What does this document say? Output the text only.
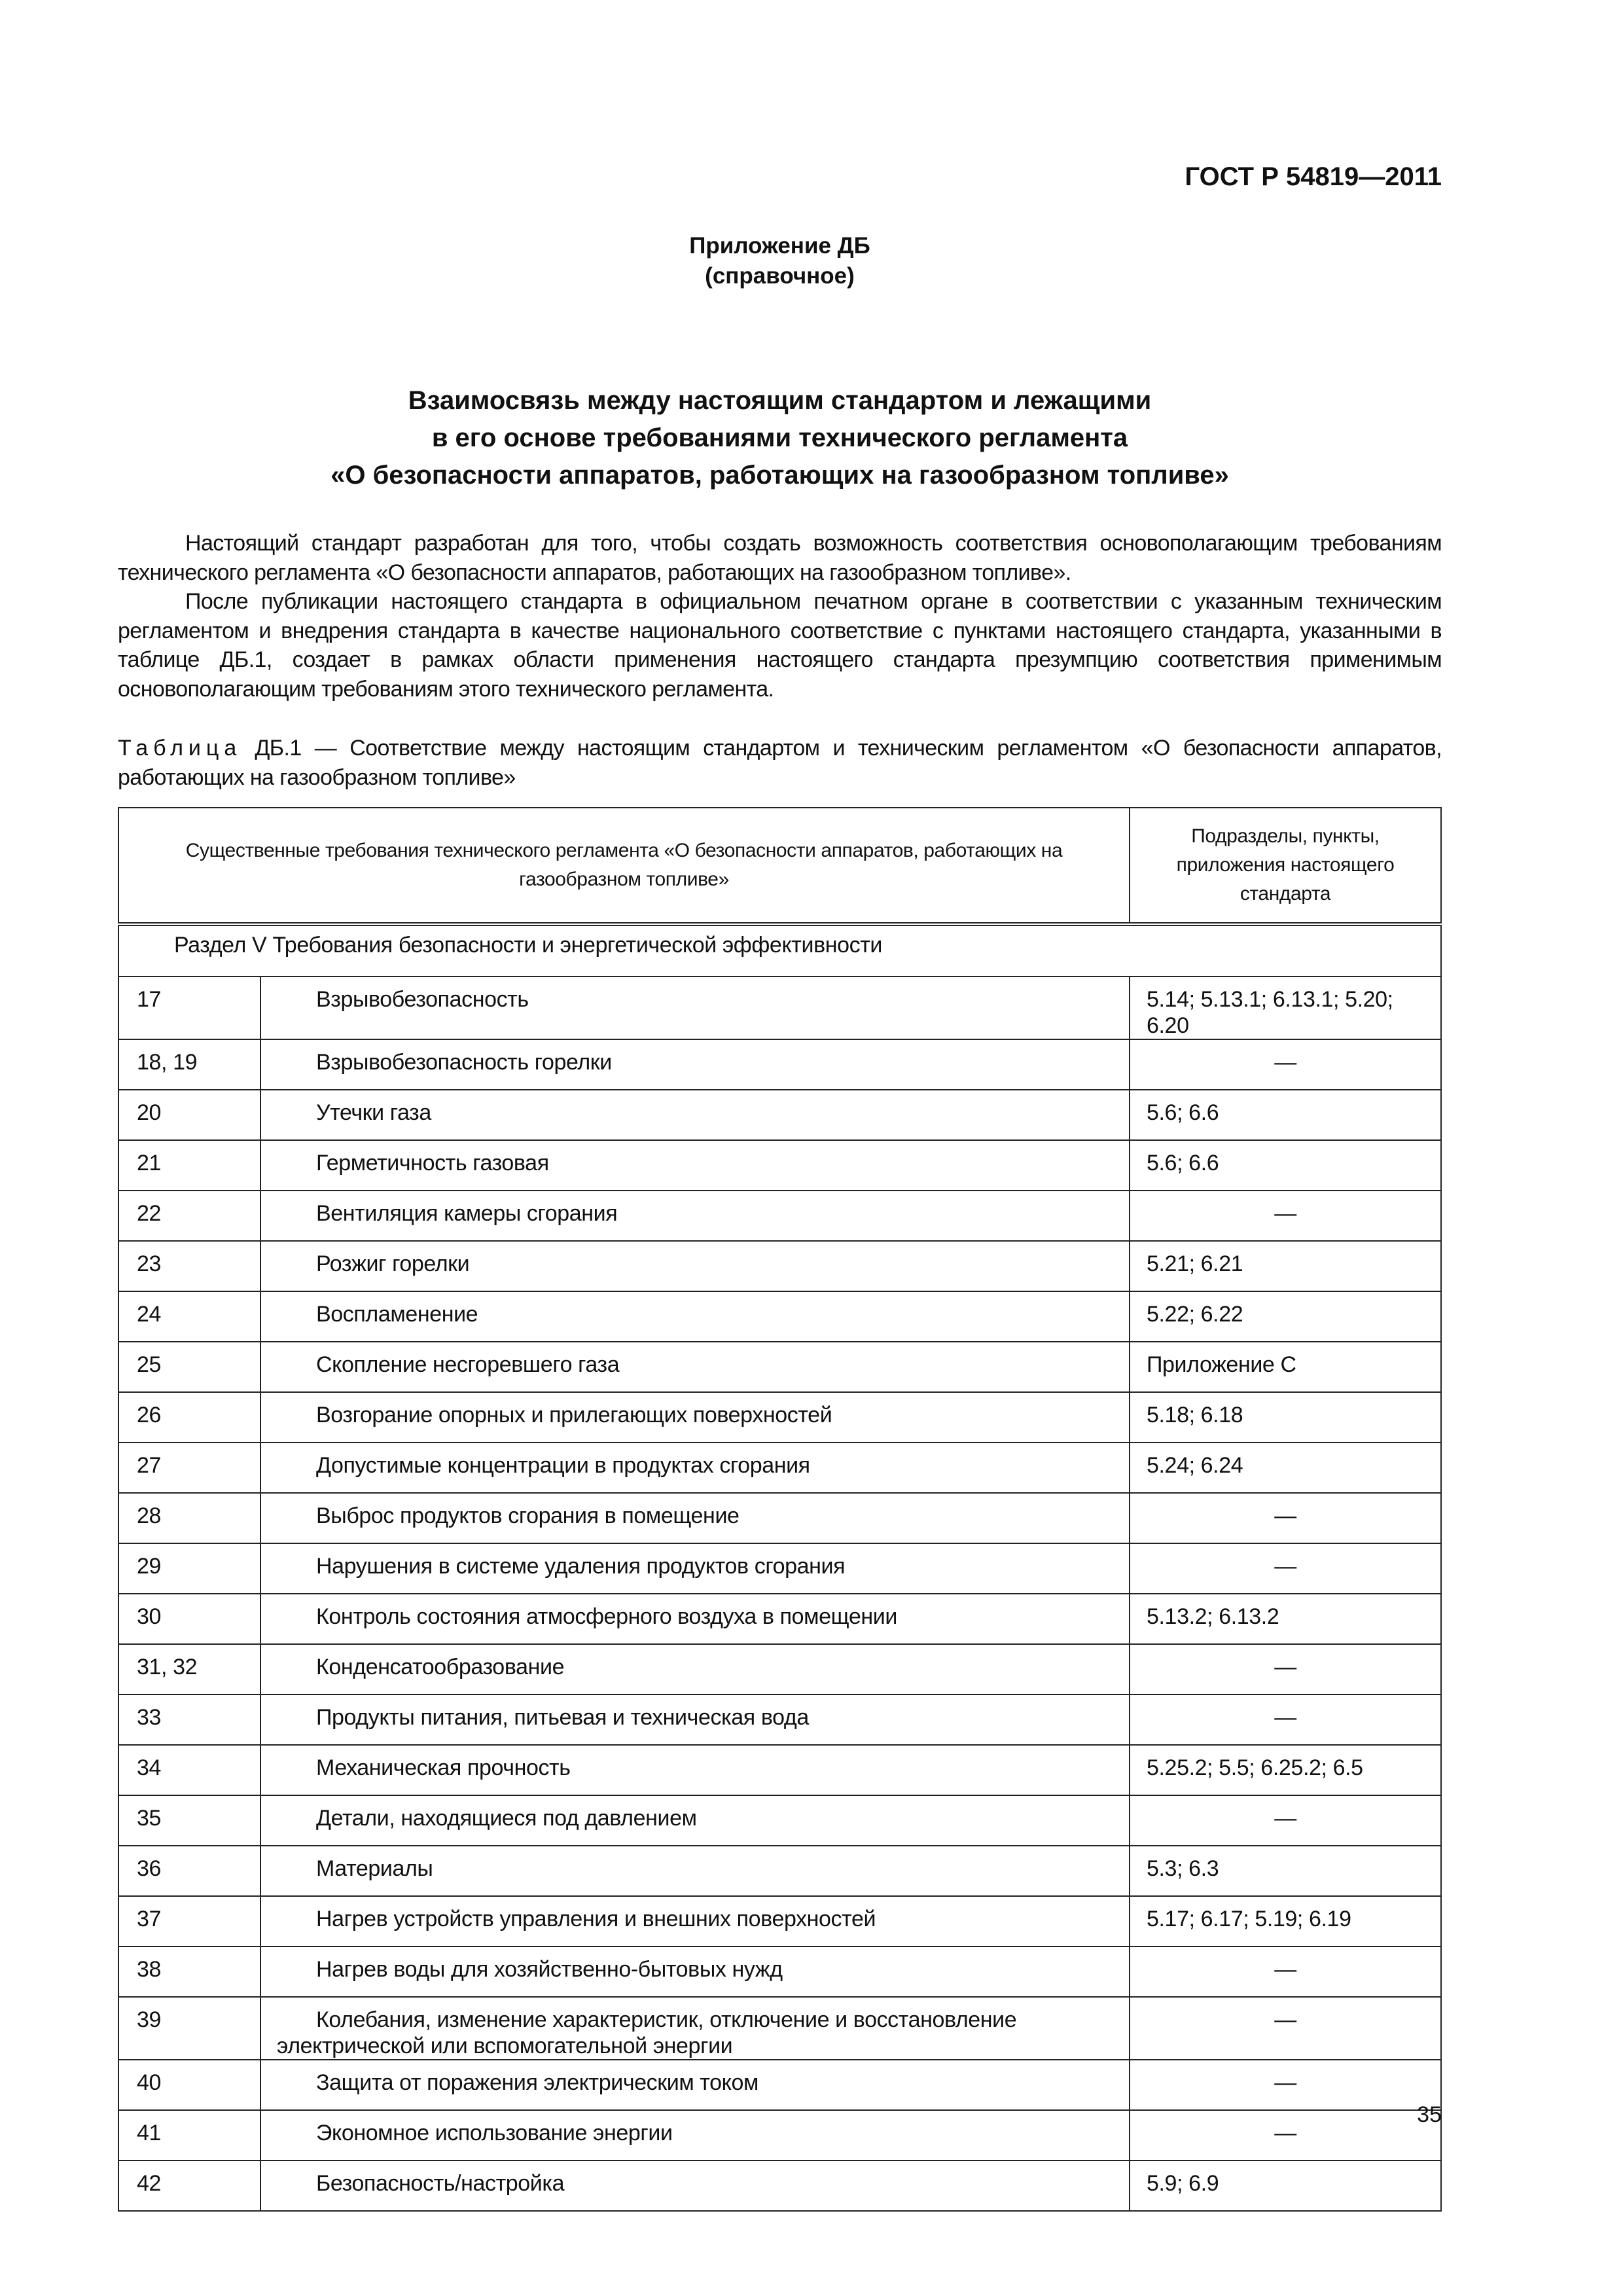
ГОСТ Р 54819—2011
Приложение ДБ
(справочное)
Взаимосвязь между настоящим стандартом и лежащими
в его основе требованиями технического регламента
«О безопасности аппаратов, работающих на газообразном топливе»

Настоящий стандарт разработан для того, чтобы создать возможность соответствия основополагающим требованиям технического регламента «О безопасности аппаратов, работающих на газообразном топливе».

После публикации настоящего стандарта в официальном печатном органе в соответствии с указанным техническим регламентом и внедрения стандарта в качестве национального соответствие с пунктами настоящего стандарта, указанными в таблице ДБ.1, создает в рамках области применения настоящего стандарта презумпцию соответствия применимым основополагающим требованиям этого технического регламента.

Таблица ДБ.1 — Соответствие между настоящим стандартом и техническим регламентом «О безопасности аппаратов, работающих на газообразном топливе»
Существенные требования технического регламента «О безопасности аппаратов, работающих на газообразном топливе»		Подразделы, пункты, приложения настоящего стандарта
Раздел V Требования безопасности и энергетической эффективности		
17	Взрывобезопасность	5.14; 5.13.1; 6.13.1; 5.20; 6.20
18, 19	Взрывобезопасность горелки	—
20	Утечки газа	5.6; 6.6
21	Герметичность газовая	5.6; 6.6
22	Вентиляция камеры сгорания	—
23	Розжиг горелки	5.21; 6.21
24	Воспламенение	5.22; 6.22
25	Скопление несгоревшего газа	Приложение С
26	Возгорание опорных и прилегающих поверхностей	5.18; 6.18
27	Допустимые концентрации в продуктах сгорания	5.24; 6.24
28	Выброс продуктов сгорания в помещение	—
29	Нарушения в системе удаления продуктов сгорания	—
30	Контроль состояния атмосферного воздуха в помещении	5.13.2; 6.13.2
31, 32	Конденсатообразование	—
33	Продукты питания, питьевая и техническая вода	—
34	Механическая прочность	5.25.2; 5.5; 6.25.2; 6.5
35	Детали, находящиеся под давлением	—
36	Материалы	5.3; 6.3
37	Нагрев устройств управления и внешних поверхностей	5.17; 6.17; 5.19; 6.19
38	Нагрев воды для хозяйственно-бытовых нужд	—
39	Колебания, изменение характеристик, отключение и восстановление электрической или вспомогательной энергии	—
40	Защита от поражения электрическим током	—
41	Экономное использование энергии	—
42	Безопасность/настройка	5.9; 6.9
35
